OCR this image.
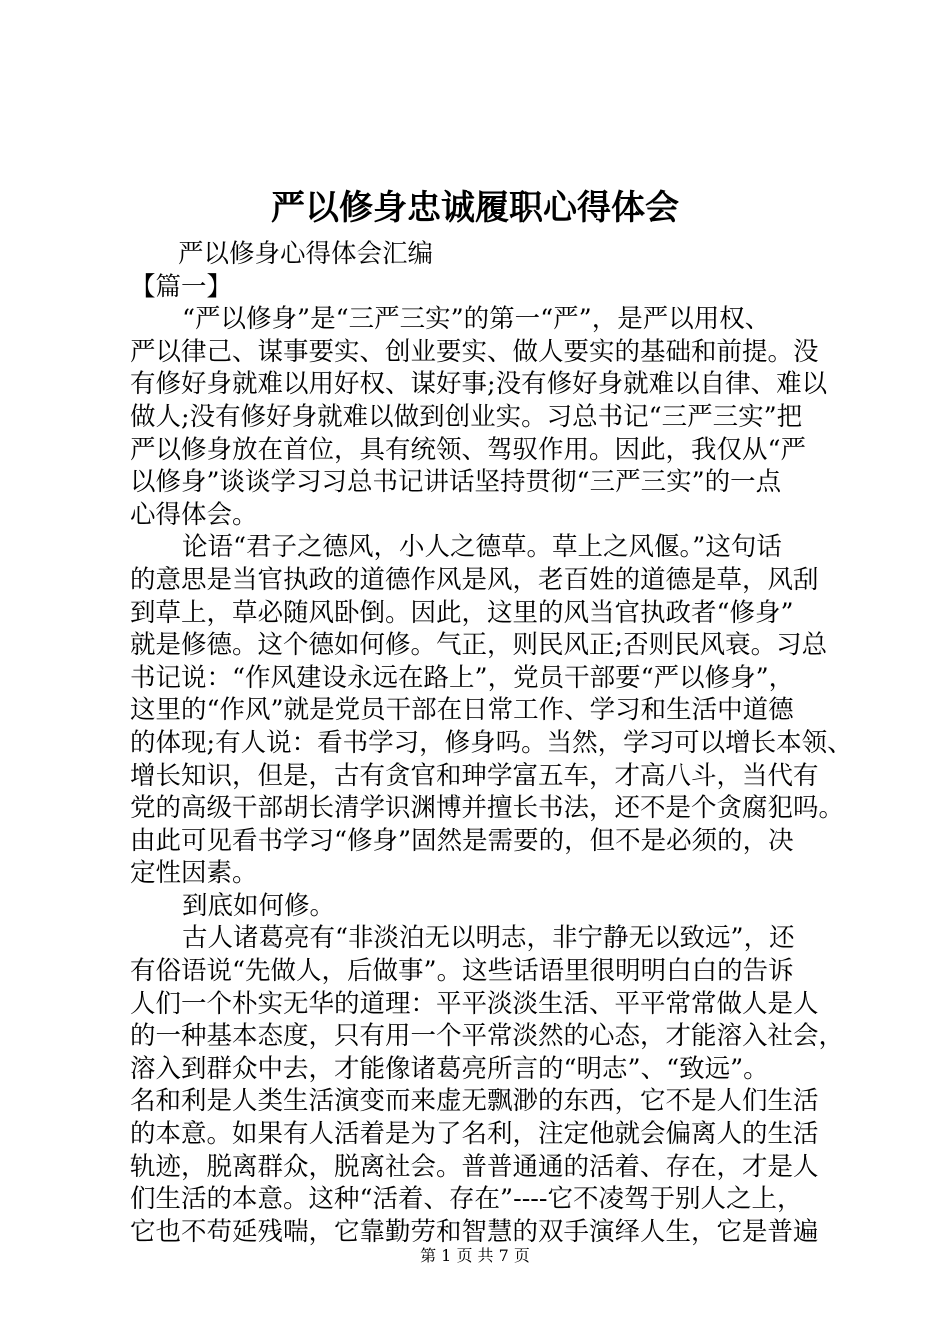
严以修身忠诚履职心得体会
严以修身心得体会汇编
【篇一】
“严以修身”是“三严三实”的第一“严”，是严以用权、
严以律己、谋事要实、创业要实、做人要实的基础和前提。没
有修好身就难以用好权、谋好事;没有修好身就难以自律、难以
做人;没有修好身就难以做到创业实。习总书记“三严三实”把
严以修身放在首位，具有统领、驾驭作用。因此，我仅从“严
以修身”谈谈学习习总书记讲话坚持贯彻“三严三实”的一点
心得体会。
论语“君子之德风，小人之德草。草上之风偃。”这句话
的意思是当官执政的道德作风是风，老百姓的道德是草，风刮
到草上，草必随风卧倒。因此，这里的风当官执政者“修身”
就是修德。这个德如何修。气正，则民风正;否则民风衰。习总
书记说：“作风建设永远在路上”，党员干部要“严以修身”，
这里的“作风”就是党员干部在日常工作、学习和生活中道德
的体现;有人说：看书学习，修身吗。当然，学习可以增长本领、
增长知识，但是，古有贪官和珅学富五车，才高八斗，当代有
党的高级干部胡长清学识渊博并擅长书法，还不是个贪腐犯吗。
由此可见看书学习“修身”固然是需要的，但不是必须的，决
定性因素。
到底如何修。
古人诸葛亮有“非淡泊无以明志，非宁静无以致远”，还
有俗语说“先做人，后做事”。这些话语里很明明白白的告诉
人们一个朴实无华的道理：平平淡淡生活、平平常常做人是人
的一种基本态度，只有用一个平常淡然的心态，才能溶入社会，
溶入到群众中去，才能像诸葛亮所言的“明志”、“致远”。
名和利是人类生活演变而来虚无飘渺的东西，它不是人们生活
的本意。如果有人活着是为了名利，注定他就会偏离人的生活
轨迹，脱离群众，脱离社会。普普通通的活着、存在，才是人
们生活的本意。这种“活着、存在”----它不凌驾于别人之上，
它也不苟延残喘，它靠勤劳和智慧的双手演绎人生，它是普遍
第 1 页 共 7 页
